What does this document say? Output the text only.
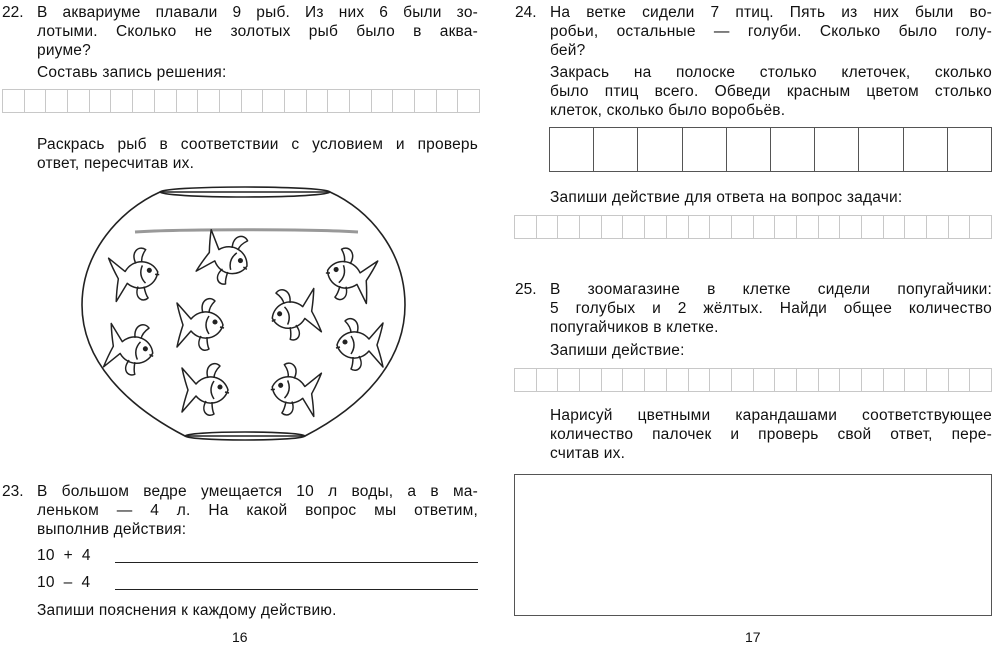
22. В аквариуме плавали 9 рыб. Из них 6 были зо-
лотыми. Сколько не золотых рыб было в аква-
риуме?
Составь запись решения:
Раскрась рыб в соответствии с условием и проверь
ответ, пересчитав их.
23. В большом ведре умещается 10 л воды, а в ма-
леньком — 4 л. На какой вопрос мы ответим,
выполнив действия:
10  +  4
10  –  4
Запиши пояснения к каждому действию.
16
24. На ветке сидели 7 птиц. Пять из них были во-
робьи, остальные — голуби. Сколько было голу-
бей?
Закрась на полоске столько клеточек, сколько
было птиц всего. Обведи красным цветом столько
клеток, сколько было воробьёв.
Запиши действие для ответа на вопрос задачи:
25. В зоомагазине в клетке сидели попугайчики:
5 голубых и 2 жёлтых. Найди общее количество
попугайчиков в клетке.
Запиши действие:
Нарисуй цветными карандашами соответствующее
количество палочек и проверь свой ответ, пере-
считав их.
17
